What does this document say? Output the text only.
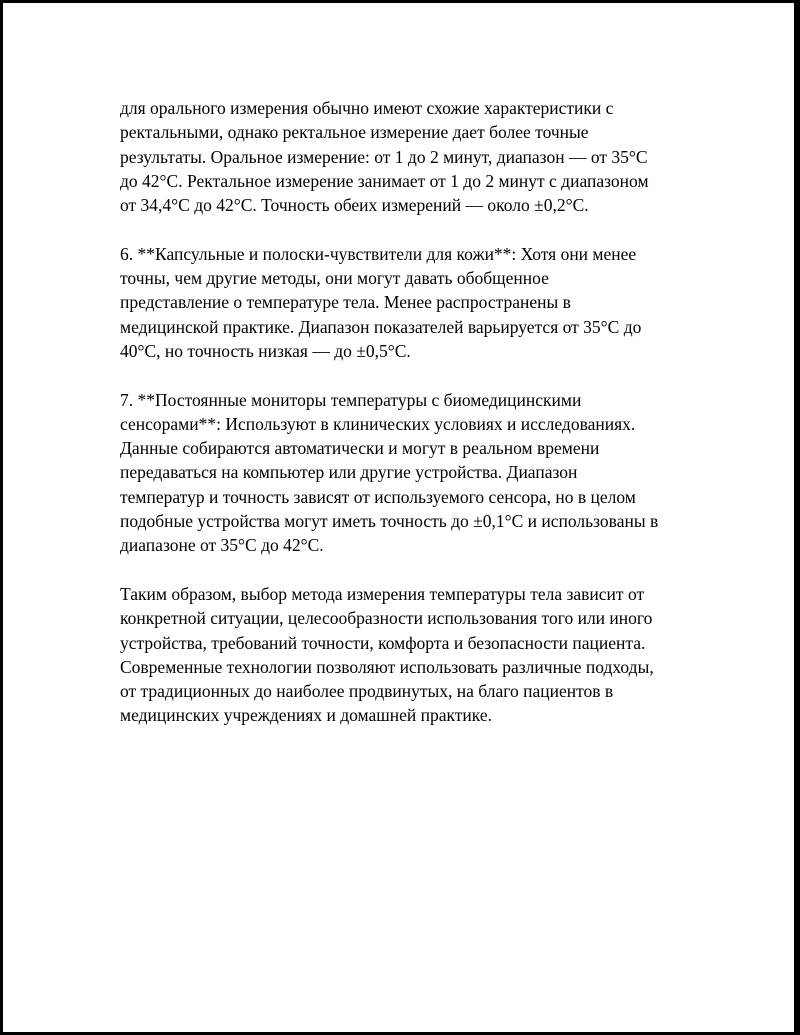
для орального измерения обычно имеют схожие характеристики с
ректальными, однако ректальное измерение дает более точные
результаты. Оральное измерение: от 1 до 2 минут, диапазон — от 35°C
до 42°C. Ректальное измерение занимает от 1 до 2 минут с диапазоном
от 34,4°C до 42°C. Точность обеих измерений — около ±0,2°C.

6. **Капсульные и полоски-чувствители для кожи**: Хотя они менее
точны, чем другие методы, они могут давать обобщенное
представление о температуре тела. Менее распространены в
медицинской практике. Диапазон показателей варьируется от 35°C до
40°C, но точность низкая — до ±0,5°C.

7. **Постоянные мониторы температуры с биомедицинскими
сенсорами**: Используют в клинических условиях и исследованиях.
Данные собираются автоматически и могут в реальном времени
передаваться на компьютер или другие устройства. Диапазон
температур и точность зависят от используемого сенсора, но в целом
подобные устройства могут иметь точность до ±0,1°C и использованы в
диапазоне от 35°C до 42°C.

Таким образом, выбор метода измерения температуры тела зависит от
конкретной ситуации, целесообразности использования того или иного
устройства, требований точности, комфорта и безопасности пациента.
Современные технологии позволяют использовать различные подходы,
от традиционных до наиболее продвинутых, на благо пациентов в
медицинских учреждениях и домашней практике.
